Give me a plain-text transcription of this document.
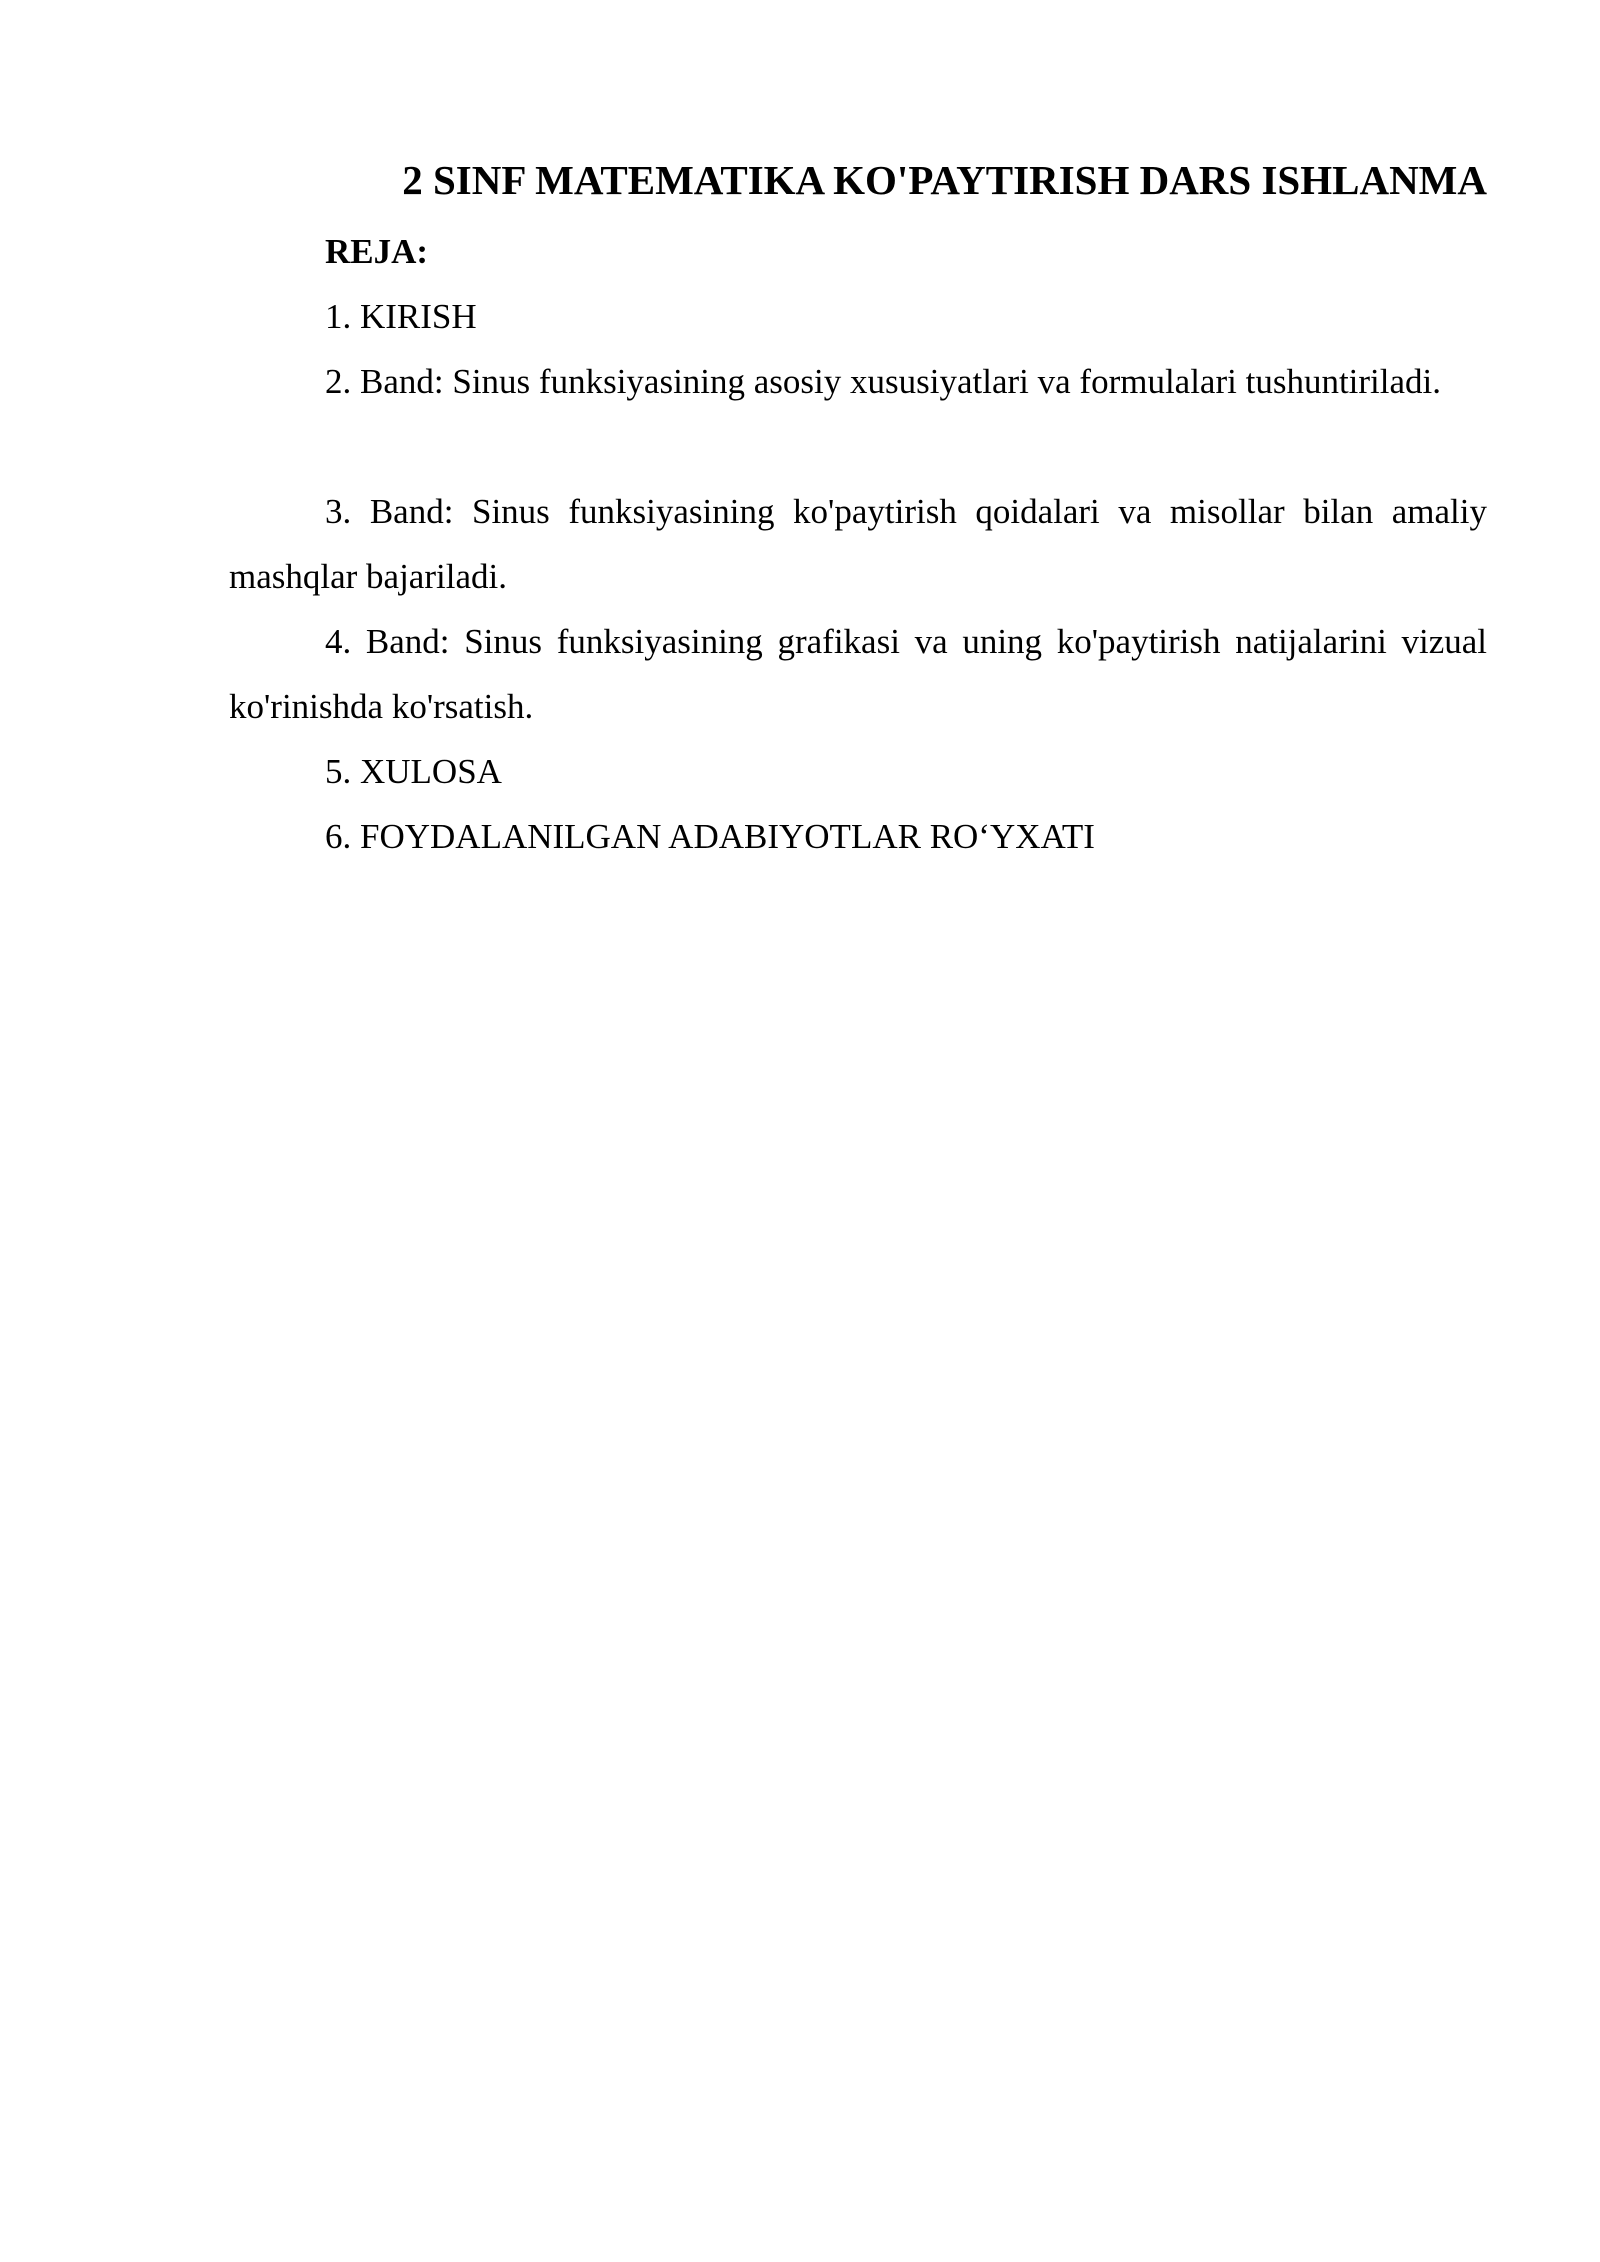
2 SINF MATEMATIKA KO'PAYTIRISH DARS ISHLANMA

REJA:

1. KIRISH

2. Band: Sinus funksiyasining asosiy xususiyatlari va formulalari tushuntiriladi.

3. Band: Sinus funksiyasining ko'paytirish qoidalari va misollar bilan amaliy mashqlar bajariladi.

4. Band: Sinus funksiyasining grafikasi va uning ko'paytirish natijalarini vizual ko'rinishda ko'rsatish.

5. XULOSA

6. FOYDALANILGAN ADABIYOTLAR RO‘YXATI
